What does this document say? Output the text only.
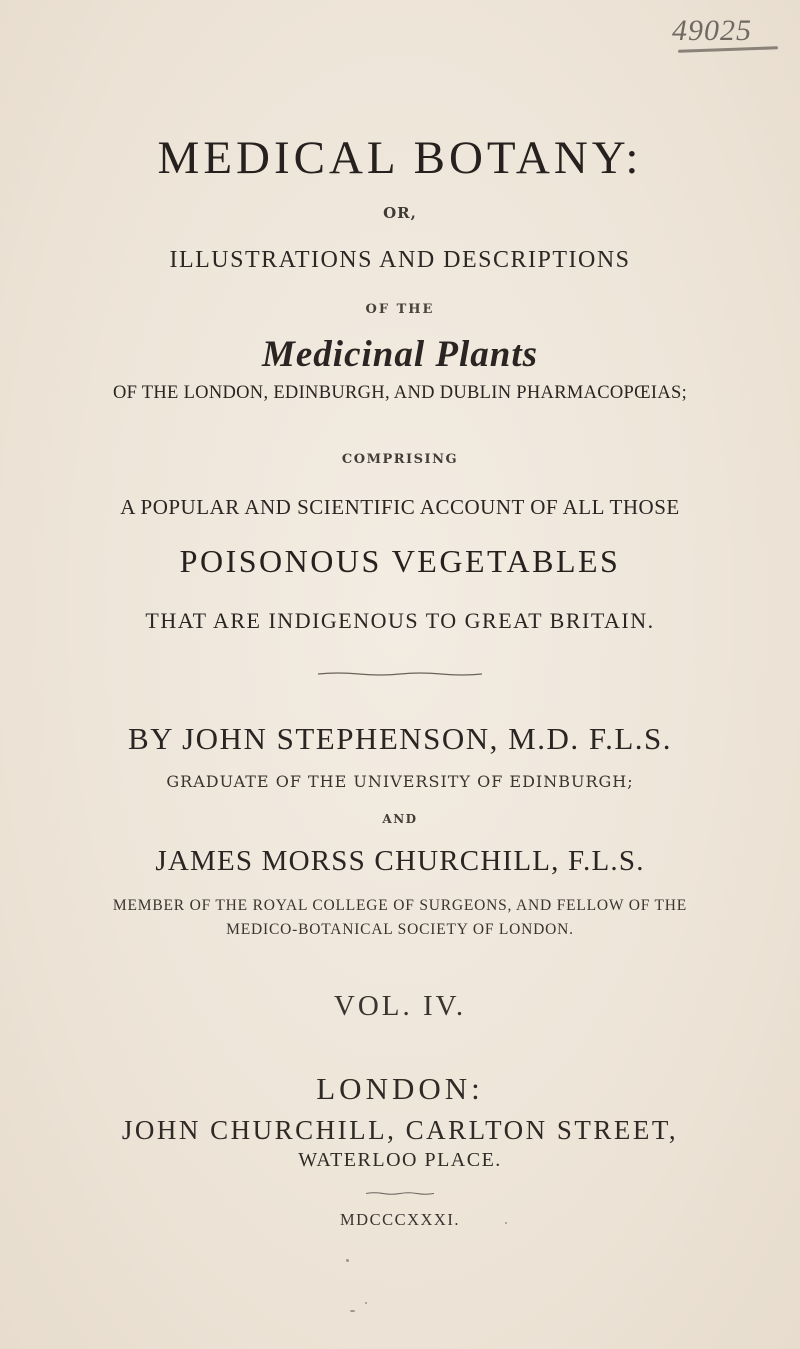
49025
MEDICAL BOTANY:
OR,
ILLUSTRATIONS AND DESCRIPTIONS
OF THE
Medicinal Plants
OF THE LONDON, EDINBURGH, AND DUBLIN PHARMACOPŒIAS;
COMPRISING
A POPULAR AND SCIENTIFIC ACCOUNT OF ALL THOSE
POISONOUS VEGETABLES
THAT ARE INDIGENOUS TO GREAT BRITAIN.
BY JOHN STEPHENSON, M.D. F.L.S.
GRADUATE OF THE UNIVERSITY OF EDINBURGH;
AND
JAMES MORSS CHURCHILL, F.L.S.
MEMBER OF THE ROYAL COLLEGE OF SURGEONS, AND FELLOW OF THE
MEDICO-BOTANICAL SOCIETY OF LONDON.
VOL. IV.
LONDON:
JOHN CHURCHILL, CARLTON STREET,
WATERLOO PLACE.
MDCCCXXXI.
